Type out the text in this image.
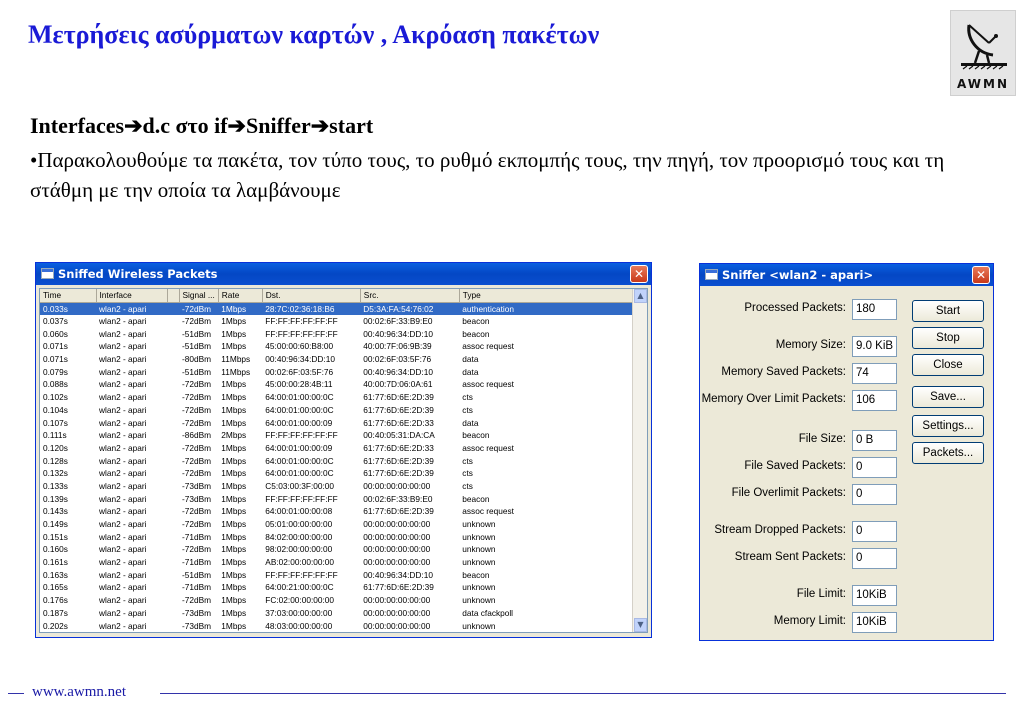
Μετρήσεις ασύρματων καρτών , Ακρόαση πακέτων
AWMN
Interfaces➔d.c στο if➔Sniffer➔start
•Παρακολουθούμε τα πακέτα, τον τύπο τους, το ρυθμό εκπομπής τους, την πηγή, τον προορισμό τους και τη στάθμη με την οποία τα λαμβάνουμε
Sniffed Wireless Packets	✕
Time	Interface		Signal ...	Rate	Dst.	Src.	Type
0.033s	wlan2 - apari		-72dBm	1Mbps	28:7C:02:36:18:B6	D5:3A:FA:54:76:02	authentication
0.037s	wlan2 - apari		-72dBm	1Mbps	FF:FF:FF:FF:FF:FF	00:02:6F:33:B9:E0	beacon
0.060s	wlan2 - apari		-51dBm	1Mbps	FF:FF:FF:FF:FF:FF	00:40:96:34:DD:10	beacon
0.071s	wlan2 - apari		-51dBm	1Mbps	45:00:00:60:B8:00	40:00:7F:06:9B:39	assoc request
0.071s	wlan2 - apari		-80dBm	11Mbps	00:40:96:34:DD:10	00:02:6F:03:5F:76	data
0.079s	wlan2 - apari		-51dBm	11Mbps	00:02:6F:03:5F:76	00:40:96:34:DD:10	data
0.088s	wlan2 - apari		-72dBm	1Mbps	45:00:00:28:4B:11	40:00:7D:06:0A:61	assoc request
0.102s	wlan2 - apari		-72dBm	1Mbps	64:00:01:00:00:0C	61:77:6D:6E:2D:39	cts
0.104s	wlan2 - apari		-72dBm	1Mbps	64:00:01:00:00:0C	61:77:6D:6E:2D:39	cts
0.107s	wlan2 - apari		-72dBm	1Mbps	64:00:01:00:00:09	61:77:6D:6E:2D:33	data
0.111s	wlan2 - apari		-86dBm	2Mbps	FF:FF:FF:FF:FF:FF	00:40:05:31:DA:CA	beacon
0.120s	wlan2 - apari		-72dBm	1Mbps	64:00:01:00:00:09	61:77:6D:6E:2D:33	assoc request
0.128s	wlan2 - apari		-72dBm	1Mbps	64:00:01:00:00:0C	61:77:6D:6E:2D:39	cts
0.132s	wlan2 - apari		-72dBm	1Mbps	64:00:01:00:00:0C	61:77:6D:6E:2D:39	cts
0.133s	wlan2 - apari		-73dBm	1Mbps	C5:03:00:3F:00:00	00:00:00:00:00:00	cts
0.139s	wlan2 - apari		-73dBm	1Mbps	FF:FF:FF:FF:FF:FF	00:02:6F:33:B9:E0	beacon
0.143s	wlan2 - apari		-72dBm	1Mbps	64:00:01:00:00:08	61:77:6D:6E:2D:39	assoc request
0.149s	wlan2 - apari		-72dBm	1Mbps	05:01:00:00:00:00	00:00:00:00:00:00	unknown
0.151s	wlan2 - apari		-71dBm	1Mbps	84:02:00:00:00:00	00:00:00:00:00:00	unknown
0.160s	wlan2 - apari		-72dBm	1Mbps	98:02:00:00:00:00	00:00:00:00:00:00	unknown
0.161s	wlan2 - apari		-71dBm	1Mbps	AB:02:00:00:00:00	00:00:00:00:00:00	unknown
0.163s	wlan2 - apari		-51dBm	1Mbps	FF:FF:FF:FF:FF:FF	00:40:96:34:DD:10	beacon
0.165s	wlan2 - apari		-71dBm	1Mbps	64:00:21:00:00:0C	61:77:6D:6E:2D:39	unknown
0.176s	wlan2 - apari		-72dBm	1Mbps	FC:02:00:00:00:00	00:00:00:00:00:00	unknown
0.187s	wlan2 - apari		-73dBm	1Mbps	37:03:00:00:00:00	00:00:00:00:00:00	data cfackpoll
0.202s	wlan2 - apari		-73dBm	1Mbps	48:03:00:00:00:00	00:00:00:00:00:00	unknown
▲
▼
Sniffer <wlan2 - apari>	✕
Processed Packets: 180
Memory Size: 9.0 KiB
Memory Saved Packets: 74
Memory Over Limit Packets: 106
File Size: 0 B
File Saved Packets: 0
File Overlimit Packets: 0
Stream Dropped Packets: 0
Stream Sent Packets: 0
File Limit: 10KiB
Memory Limit: 10KiB
Start
Stop
Close
Save...
Settings...
Packets...
www.awmn.net
